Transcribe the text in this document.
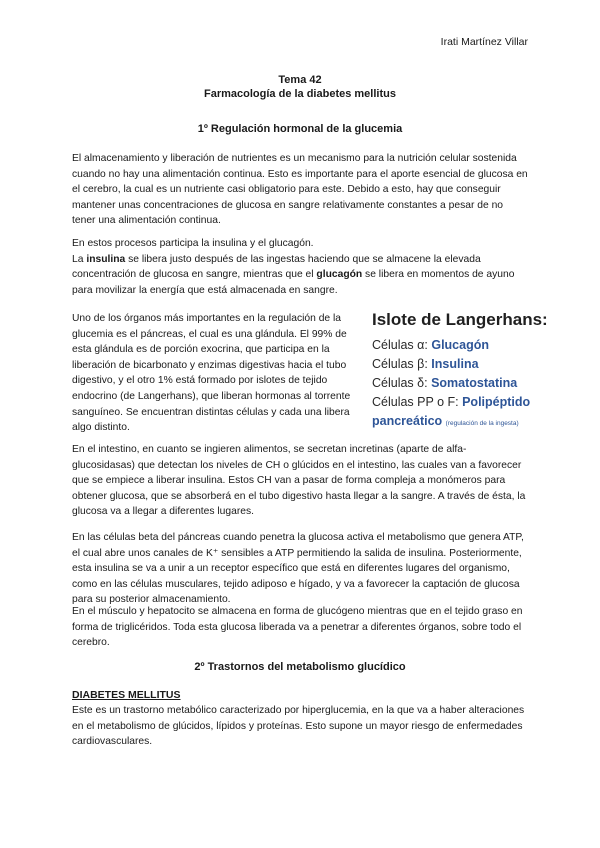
Irati Martínez Villar
Tema 42
Farmacología de la diabetes mellitus
1º Regulación hormonal de la glucemia

El almacenamiento y liberación de nutrientes es un mecanismo para la nutrición celular sostenida cuando no hay una alimentación continua. Esto es importante para el aporte esencial de glucosa en el cerebro, la cual es un nutriente casi obligatorio para este. Debido a esto, hay que conseguir mantener unas concentraciones de glucosa en sangre relativamente constantes a pesar de no tener una alimentación continua.

En estos procesos participa la insulina y el glucagón.
La insulina se libera justo después de las ingestas haciendo que se almacene la elevada concentración de glucosa en sangre, mientras que el glucagón se libera en momentos de ayuno para movilizar la energía que está almacenada en sangre.

Uno de los órganos más importantes en la regulación de la glucemia es el páncreas, el cual es una glándula. El 99% de esta glándula es de porción exocrina, que participa en la liberación de bicarbonato y enzimas digestivas hacia el tubo digestivo, y el otro 1% está formado por islotes de tejido endocrino (de Langerhans), que liberan hormonas al torrente sanguíneo. Se encuentran distintas células y cada una libera algo distinto.

Islote de Langerhans:
Células α: Glucagón
Células β: Insulina
Células δ: Somatostatina
Células PP o F: Polipéptido
pancreático (regulación de la ingesta)

En el intestino, en cuanto se ingieren alimentos, se secretan incretinas (aparte de alfa-glucosidasas) que detectan los niveles de CH o glúcidos en el intestino, las cuales van a favorecer que se empiece a liberar insulina. Estos CH van a pasar de forma compleja a monómeros para obtener glucosa, que se absorberá en el tubo digestivo hasta llegar a la sangre. A través de ésta, la glucosa va a llegar a diferentes lugares.

En las células beta del páncreas cuando penetra la glucosa activa el metabolismo que genera ATP, el cual abre unos canales de K⁺ sensibles a ATP permitiendo la salida de insulina. Posteriormente, esta insulina se va a unir a un receptor específico que está en diferentes lugares del organismo, como en las células musculares, tejido adiposo e hígado, y va a favorecer la captación de glucosa para su posterior almacenamiento.

En el músculo y hepatocito se almacena en forma de glucógeno mientras que en el tejido graso en forma de triglicéridos. Toda esta glucosa liberada va a penetrar a diferentes órganos, sobre todo el cerebro.

2º Trastornos del metabolismo glucídico
DIABETES MELLITUS

Este es un trastorno metabólico caracterizado por hiperglucemia, en la que va a haber alteraciones en el metabolismo de glúcidos, lípidos y proteínas. Esto supone un mayor riesgo de enfermedades cardiovasculares.
